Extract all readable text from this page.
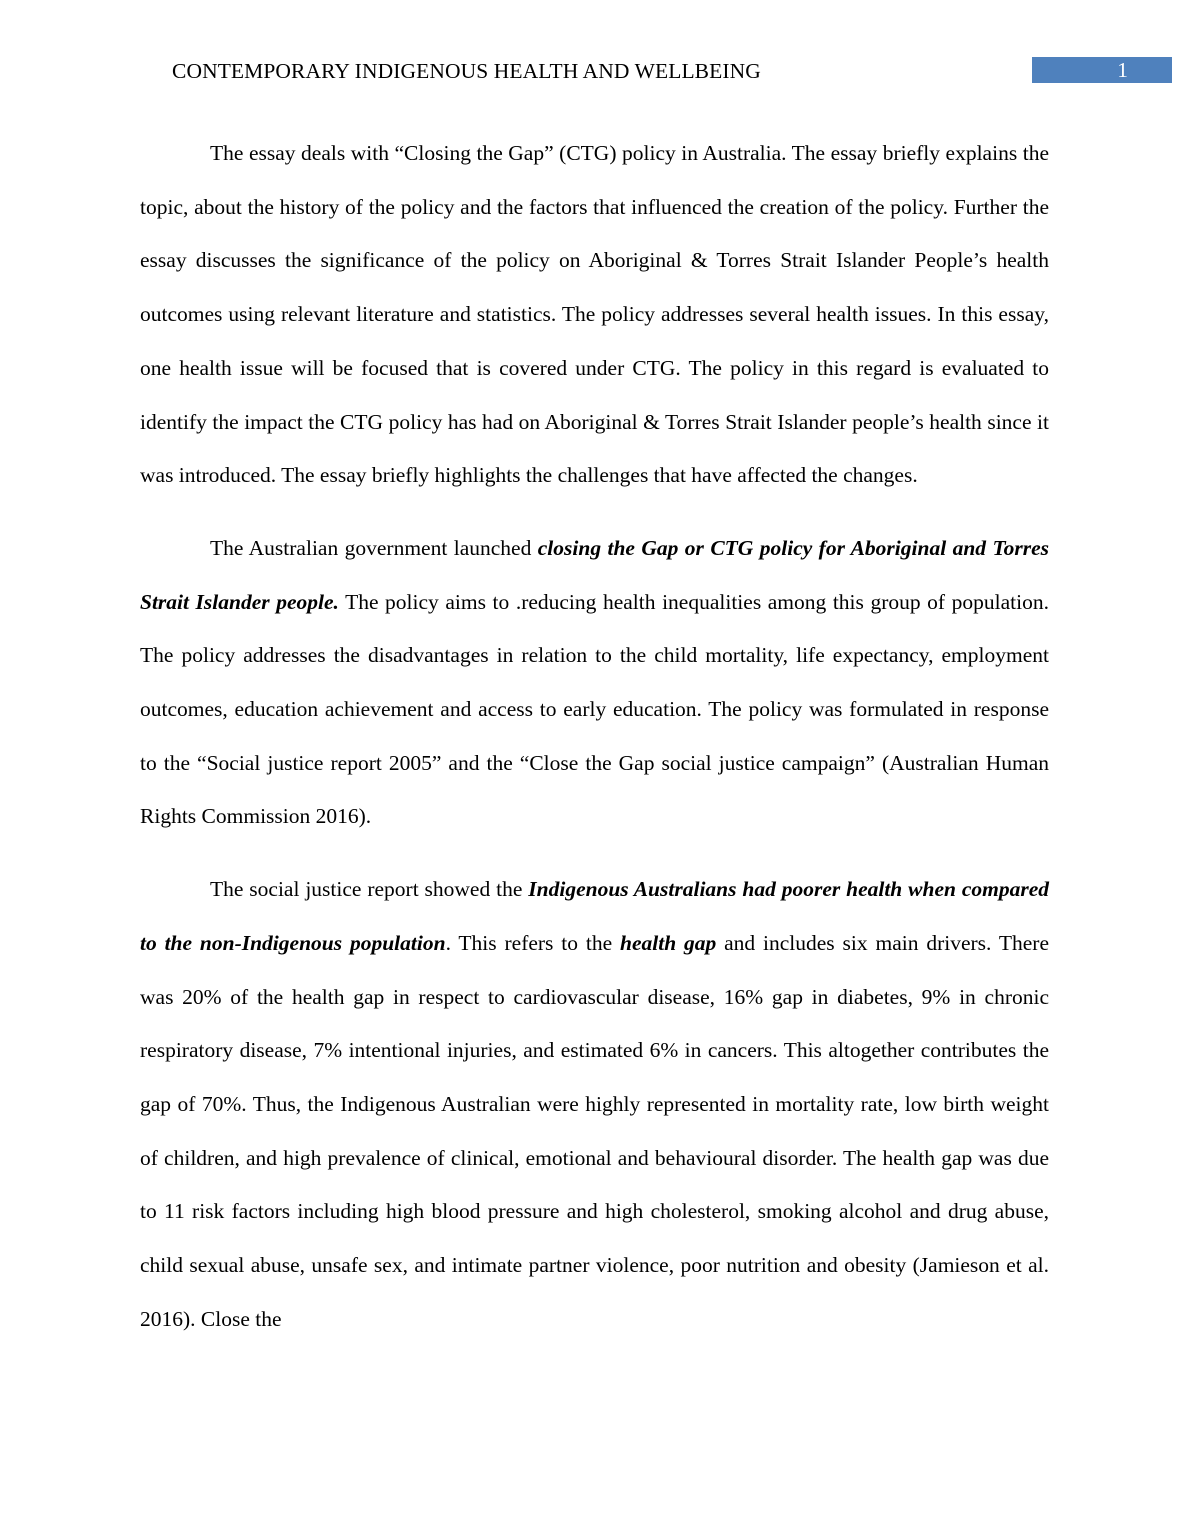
CONTEMPORARY INDIGENOUS HEALTH AND WELLBEING	1

The essay deals with “Closing the Gap” (CTG) policy in Australia. The essay briefly explains the topic, about the history of the policy and the factors that influenced the creation of the policy. Further the essay discusses the significance of the policy on Aboriginal & Torres Strait Islander People’s health outcomes using relevant literature and statistics. The policy addresses several health issues. In this essay, one health issue will be focused that is covered under CTG. The policy in this regard is evaluated to identify the impact the CTG policy has had on Aboriginal & Torres Strait Islander people’s health since it was introduced. The essay briefly highlights the challenges that have affected the changes.

The Australian government launched closing the Gap or CTG policy for Aboriginal and Torres Strait Islander people. The policy aims to .reducing health inequalities among this group of population. The policy addresses the disadvantages in relation to the child mortality, life expectancy, employment outcomes, education achievement and access to early education. The policy was formulated in response to the “Social justice report 2005” and the “Close the Gap social justice campaign” (Australian Human Rights Commission 2016).

The social justice report showed the Indigenous Australians had poorer health when compared to the non-Indigenous population. This refers to the health gap and includes six main drivers. There was 20% of the health gap in respect to cardiovascular disease, 16% gap in diabetes, 9% in chronic respiratory disease, 7% intentional injuries, and estimated 6% in cancers. This altogether contributes the gap of 70%. Thus, the Indigenous Australian were highly represented in mortality rate, low birth weight of children, and high prevalence of clinical, emotional and behavioural disorder. The health gap was due to 11 risk factors including high blood pressure and high cholesterol, smoking alcohol and drug abuse, child sexual abuse, unsafe sex, and intimate partner violence, poor nutrition and obesity (Jamieson et al. 2016). Close the
